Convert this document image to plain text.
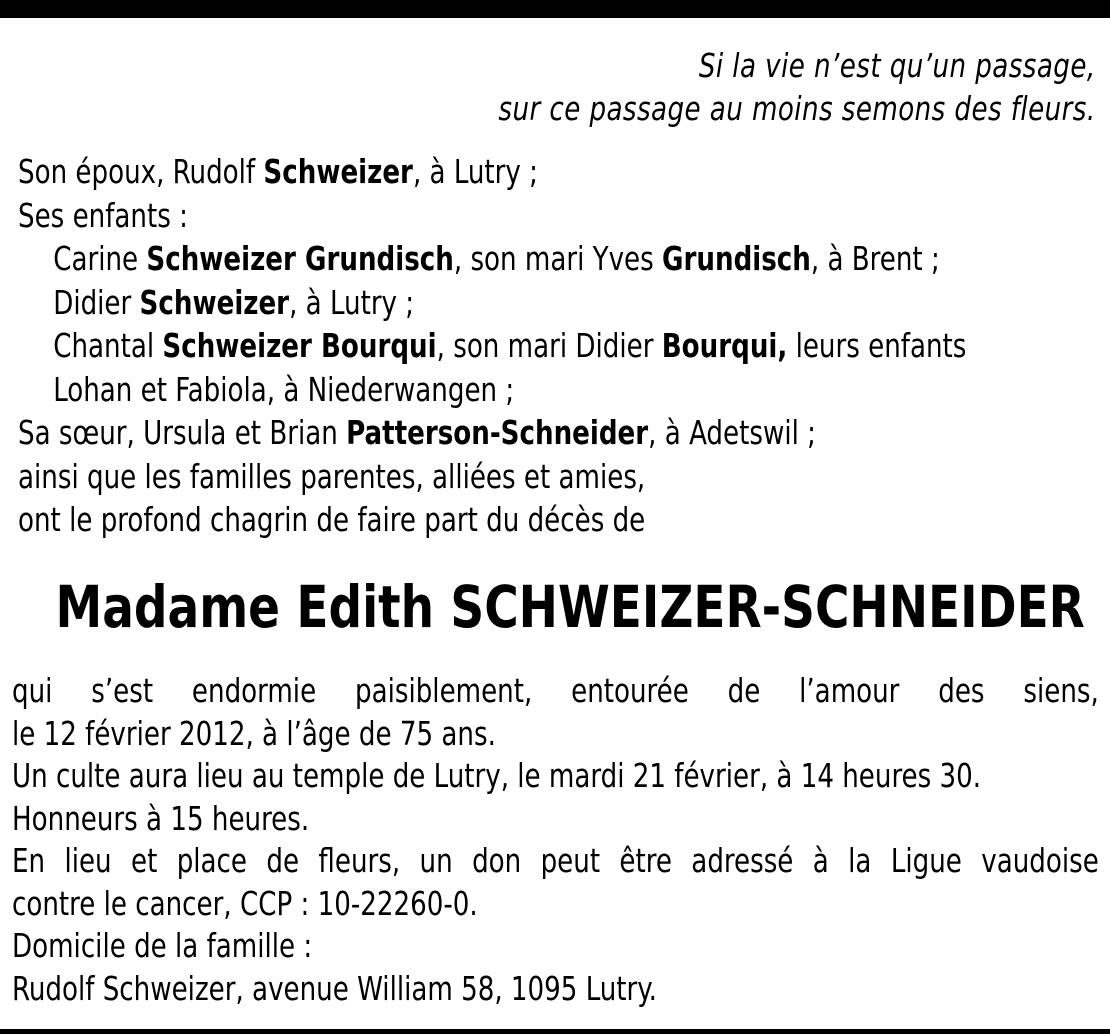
Si la vie n’est qu’un passage,
sur ce passage au moins semons des fleurs.
Son époux, Rudolf Schweizer, à Lutry ;
Ses enfants :
Carine Schweizer Grundisch, son mari Yves Grundisch, à Brent ;
Didier Schweizer, à Lutry ;
Chantal Schweizer Bourqui, son mari Didier Bourqui, leurs enfants
Lohan et Fabiola, à Niederwangen ;
Sa sœur, Ursula et Brian Patterson-Schneider, à Adetswil ;
ainsi que les familles parentes, alliées et amies,
ont le profond chagrin de faire part du décès de
Madame Edith SCHWEIZER-SCHNEIDER
qui s’est endormie paisiblement, entourée de l’amour des siens,
le 12 février 2012, à l’âge de 75 ans.
Un culte aura lieu au temple de Lutry, le mardi 21 février, à 14 heures 30.
Honneurs à 15 heures.
En lieu et place de fleurs, un don peut être adressé à la Ligue vaudoise
contre le cancer, CCP : 10-22260-0.
Domicile de la famille :
Rudolf Schweizer, avenue William 58, 1095 Lutry.
